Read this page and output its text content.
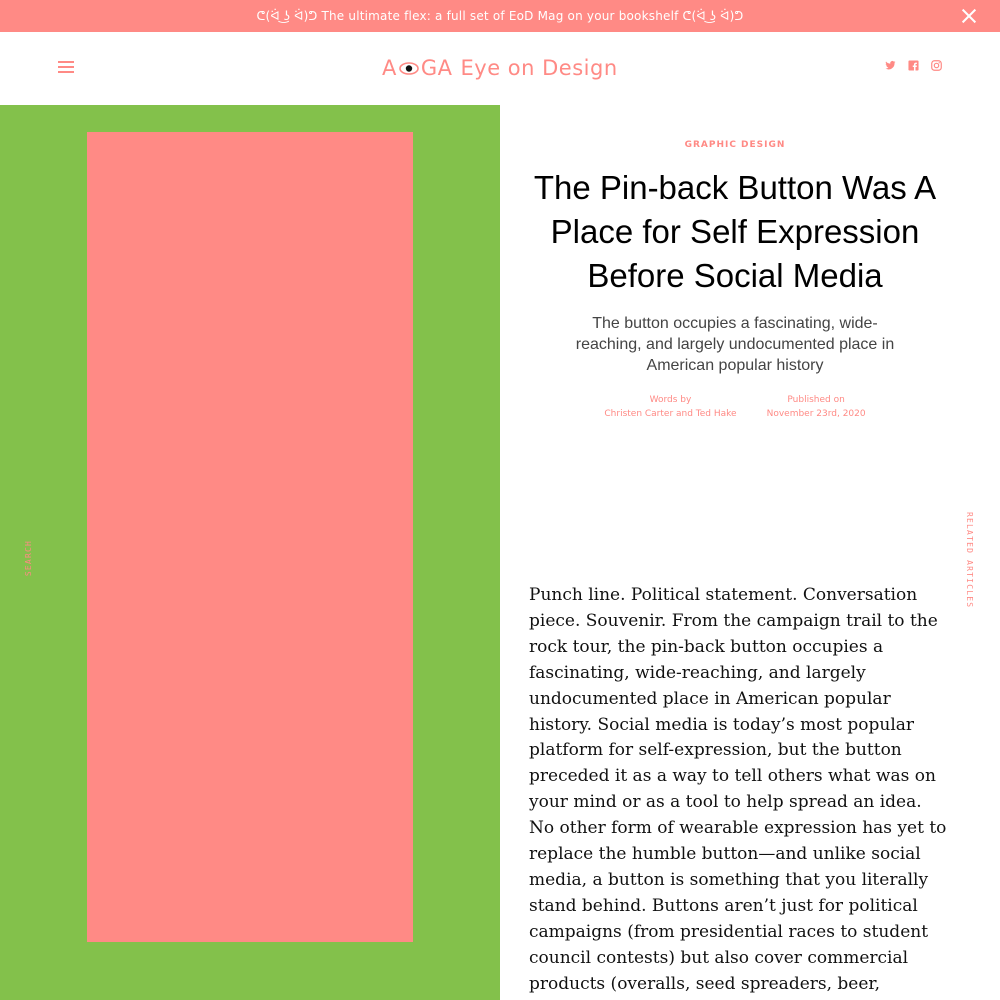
ᕦ(ᐛ ͜ʖ ᐛ)ᕤ The ultimate flex: a full set of EoD Mag on your bookshelf ᕦ(ᐛ ͜ʖ ᐛ)ᕤ
A GA Eye on Design
SEARCH	RELATED ARTICLES
GRAPHIC DESIGN
The Pin-back Button Was A Place for Self Expression Before Social Media

The button occupies a fascinating, wide-reaching, and largely undocumented place in American popular history

Words by
Christen Carter and Ted Hake
Published on
November 23rd, 2020

Punch line. Political statement. Conversation piece. Souvenir. From the campaign trail to the rock tour, the pin-back button occupies a fascinating, wide-reaching, and largely undocumented place in American popular history. Social media is today’s most popular platform for self-expression, but the button preceded it as a way to tell others what was on your mind or as a tool to help spread an idea. No other form of wearable expression has yet to replace the humble button—and unlike social media, a button is something that you literally stand behind. Buttons aren’t just for political campaigns (from presidential races to student council contests) but also cover commercial products (overalls, seed spreaders, beer,
